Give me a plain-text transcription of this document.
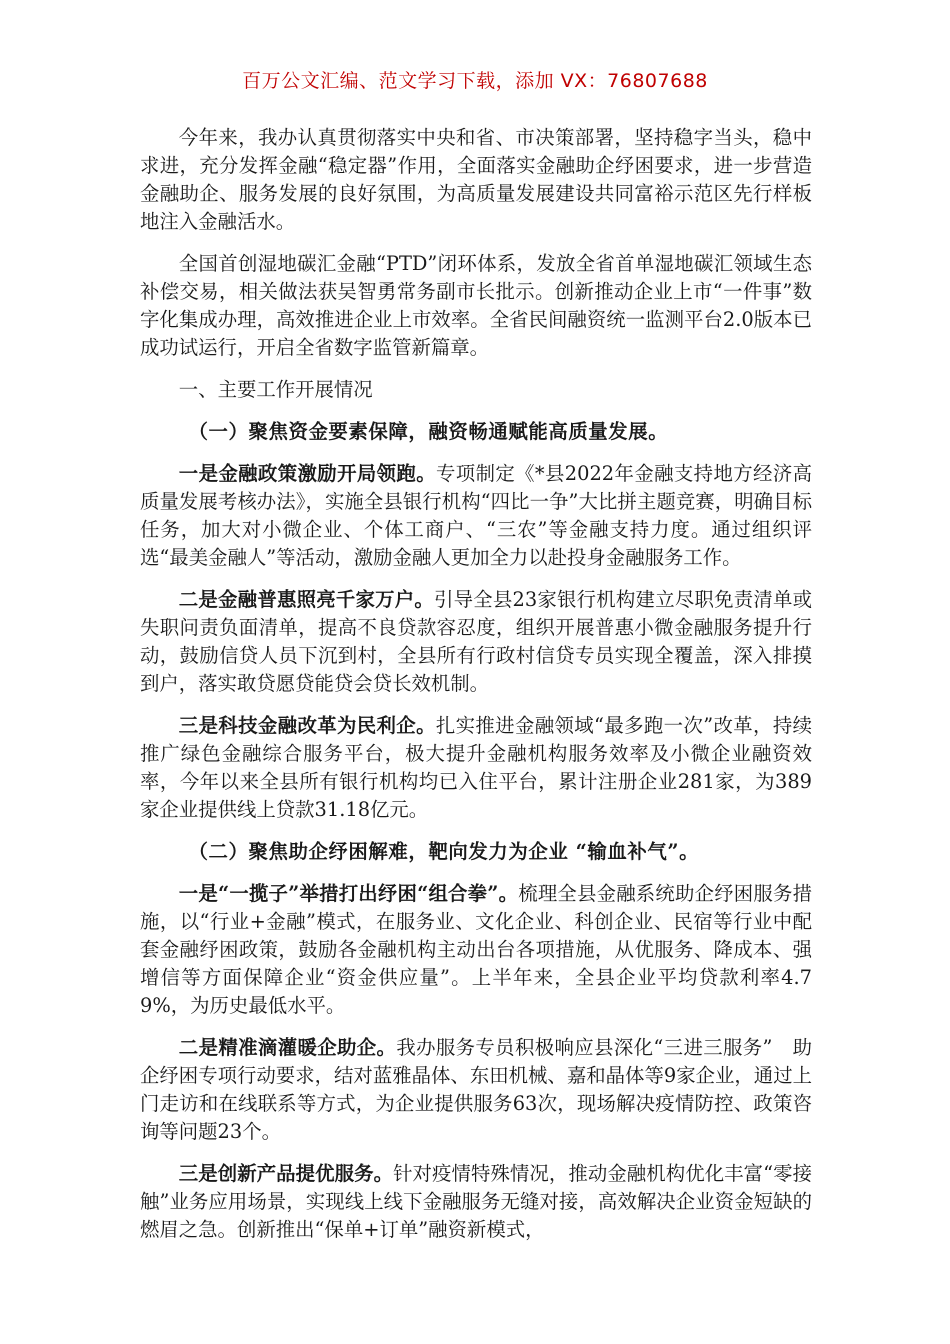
百万公文汇编、范文学习下载，添加 VX：76807688

今年来，我办认真贯彻落实中央和省、市决策部署，坚持稳字当头，稳中求进，充分发挥金融“稳定器”作用，全面落实金融助企纾困要求，进一步营造金融助企、服务发展的良好氛围，为高质量发展建设共同富裕示范区先行样板地注入金融活水。

全国首创湿地碳汇金融“PTD”闭环体系，发放全省首单湿地碳汇领域生态补偿交易，相关做法获吴智勇常务副市长批示。创新推动企业上市“一件事”数字化集成办理，高效推进企业上市效率。全省民间融资统一监测平台2.0版本已成功试运行，开启全省数字监管新篇章。

一、主要工作开展情况

（一）聚焦资金要素保障，融资畅通赋能高质量发展。

一是金融政策激励开局领跑。专项制定《*县2022年金融支持地方经济高质量发展考核办法》，实施全县银行机构“四比一争”大比拼主题竞赛，明确目标任务，加大对小微企业、个体工商户、“三农”等金融支持力度。通过组织评选“最美金融人”等活动，激励金融人更加全力以赴投身金融服务工作。

二是金融普惠照亮千家万户。引导全县23家银行机构建立尽职免责清单或失职问责负面清单，提高不良贷款容忍度，组织开展普惠小微金融服务提升行动，鼓励信贷人员下沉到村，全县所有行政村信贷专员实现全覆盖，深入排摸到户，落实敢贷愿贷能贷会贷长效机制。

三是科技金融改革为民利企。扎实推进金融领域“最多跑一次”改革，持续推广绿色金融综合服务平台，极大提升金融机构服务效率及小微企业融资效率，今年以来全县所有银行机构均已入住平台，累计注册企业281家，为389家企业提供线上贷款31.18亿元。

（二）聚焦助企纾困解难，靶向发力为企业 “输血补气”。

一是“一揽子”举措打出纾困“组合拳”。梳理全县金融系统助企纾困服务措施，以“行业+金融”模式，在服务业、文化企业、科创企业、民宿等行业中配套金融纾困政策，鼓励各金融机构主动出台各项措施，从优服务、降成本、强增信等方面保障企业“资金供应量”。上半年来，全县企业平均贷款利率4.79%，为历史最低水平。

二是精准滴灌暖企助企。我办服务专员积极响应县深化“三进三服务”　助企纾困专项行动要求，结对蓝雅晶体、东田机械、嘉和晶体等9家企业，通过上门走访和在线联系等方式，为企业提供服务63次，现场解决疫情防控、政策咨询等问题23个。

三是创新产品提优服务。针对疫情特殊情况，推动金融机构优化丰富“零接触”业务应用场景，实现线上线下金融服务无缝对接，高效解决企业资金短缺的燃眉之急。创新推出“保单+订单”融资新模式，
